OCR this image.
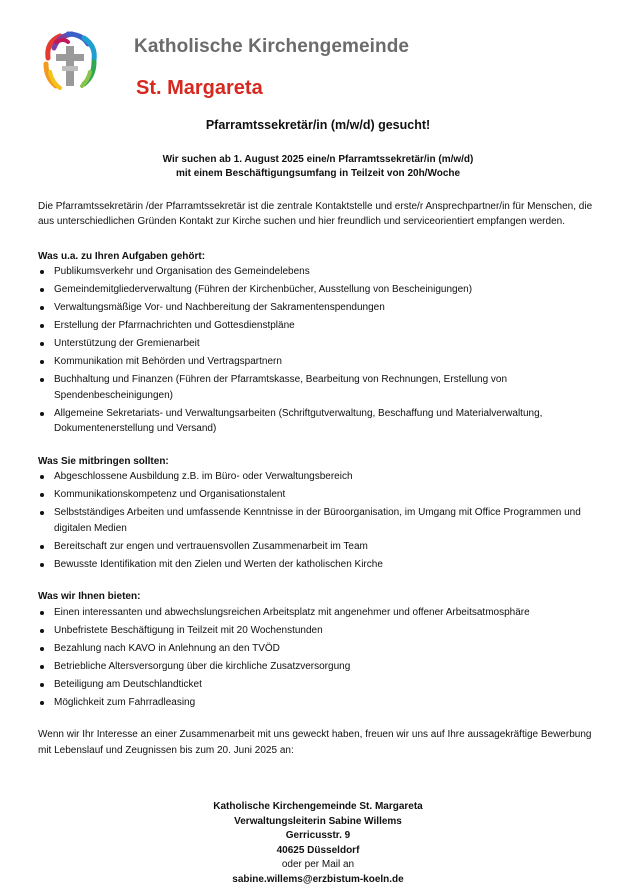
Katholische Kirchengemeinde
St. Margareta
Pfarramtssekretär/in (m/w/d) gesucht!
Wir suchen ab 1. August 2025 eine/n Pfarramtssekretär/in (m/w/d)
mit einem Beschäftigungsumfang in Teilzeit von 20h/Woche

Die Pfarramtssekretärin /der Pfarramtssekretär ist die zentrale Kontaktstelle und erste/r Ansprechpartner/in für Menschen, die aus unterschiedlichen Gründen Kontakt zur Kirche suchen und hier freundlich und serviceorientiert empfangen werden.

Was u.a. zu Ihren Aufgaben gehört:
Publikumsverkehr und Organisation des Gemeindelebens
Gemeindemitgliederverwaltung (Führen der Kirchenbücher, Ausstellung von Bescheinigungen)
Verwaltungsmäßige Vor- und Nachbereitung der Sakramentenspendungen
Erstellung der Pfarrnachrichten und Gottesdienstpläne
Unterstützung der Gremienarbeit
Kommunikation mit Behörden und Vertragspartnern
Buchhaltung und Finanzen (Führen der Pfarramtskasse, Bearbeitung von Rechnungen, Erstellung von Spendenbescheinigungen)
Allgemeine Sekretariats- und Verwaltungsarbeiten (Schriftgutverwaltung, Beschaffung und Materialverwaltung, Dokumentenerstellung und Versand)
Was Sie mitbringen sollten:
Abgeschlossene Ausbildung z.B. im Büro- oder Verwaltungsbereich
Kommunikationskompetenz und Organisationstalent
Selbstständiges Arbeiten und umfassende Kenntnisse in der Büroorganisation, im Umgang mit Office Programmen und digitalen Medien
Bereitschaft zur engen und vertrauensvollen Zusammenarbeit im Team
Bewusste Identifikation mit den Zielen und Werten der katholischen Kirche
Was wir Ihnen bieten:
Einen interessanten und abwechslungsreichen Arbeitsplatz mit angenehmer und offener Arbeitsatmosphäre
Unbefristete Beschäftigung in Teilzeit mit 20 Wochenstunden
Bezahlung nach KAVO in Anlehnung an den TVÖD
Betriebliche Altersversorgung über die kirchliche Zusatzversorgung
Beteiligung am Deutschlandticket
Möglichkeit zum Fahrradleasing

Wenn wir Ihr Interesse an einer Zusammenarbeit mit uns geweckt haben, freuen wir uns auf Ihre aussagekräftige Bewerbung mit Lebenslauf und Zeugnissen bis zum 20. Juni 2025 an:

Katholische Kirchengemeinde St. Margareta
Verwaltungsleiterin Sabine Willems
Gerricusstr. 9
40625 Düsseldorf
oder per Mail an
sabine.willems@erzbistum-koeln.de
